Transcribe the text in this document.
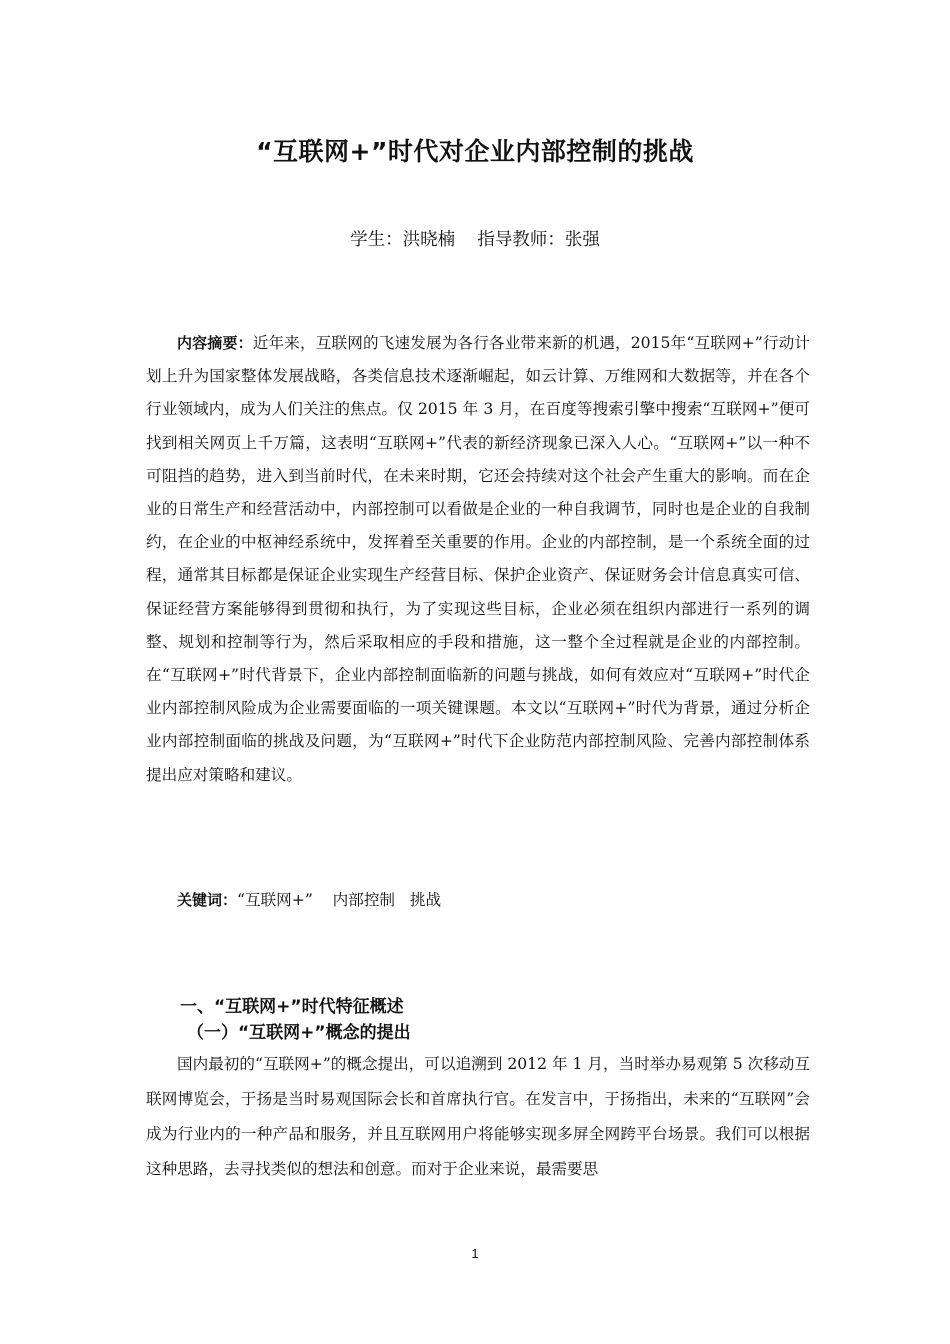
“互联网+”时代对企业内部控制的挑战
学生：洪晓楠    指导教师：张强

内容摘要：近年来，互联网的飞速发展为各行各业带来新的机遇，2015年“互联网+”行动计划上升为国家整体发展战略，各类信息技术逐渐崛起，如云计算、万维网和大数据等，并在各个行业领域内，成为人们关注的焦点。仅 2015 年 3 月，在百度等搜索引擎中搜索“互联网+”便可找到相关网页上千万篇，这表明“互联网+”代表的新经济现象已深入人心。“互联网+”以一种不可阻挡的趋势，进入到当前时代，在未来时期，它还会持续对这个社会产生重大的影响。而在企业的日常生产和经营活动中，内部控制可以看做是企业的一种自我调节，同时也是企业的自我制约，在企业的中枢神经系统中，发挥着至关重要的作用。企业的内部控制，是一个系统全面的过程，通常其目标都是保证企业实现生产经营目标、保护企业资产、保证财务会计信息真实可信、保证经营方案能够得到贯彻和执行，为了实现这些目标，企业必须在组织内部进行一系列的调整、规划和控制等行为，然后采取相应的手段和措施，这一整个全过程就是企业的内部控制。在“互联网+”时代背景下，企业内部控制面临新的问题与挑战，如何有效应对“互联网+”时代企业内部控制风险成为企业需要面临的一项关键课题。本文以“互联网+”时代为背景，通过分析企业内部控制面临的挑战及问题，为“互联网+”时代下企业防范内部控制风险、完善内部控制体系提出应对策略和建议。

关键词：“互联网+”    内部控制   挑战
一、“互联网+”时代特征概述
（一）“互联网+”概念的提出

国内最初的“互联网+”的概念提出，可以追溯到 2012 年 1 月，当时举办易观第 5 次移动互联网博览会，于扬是当时易观国际会长和首席执行官。在发言中，于扬指出，未来的“互联网”会成为行业内的一种产品和服务，并且互联网用户将能够实现多屏全网跨平台场景。我们可以根据这种思路，去寻找类似的想法和创意。而对于企业来说，最需要思

1
